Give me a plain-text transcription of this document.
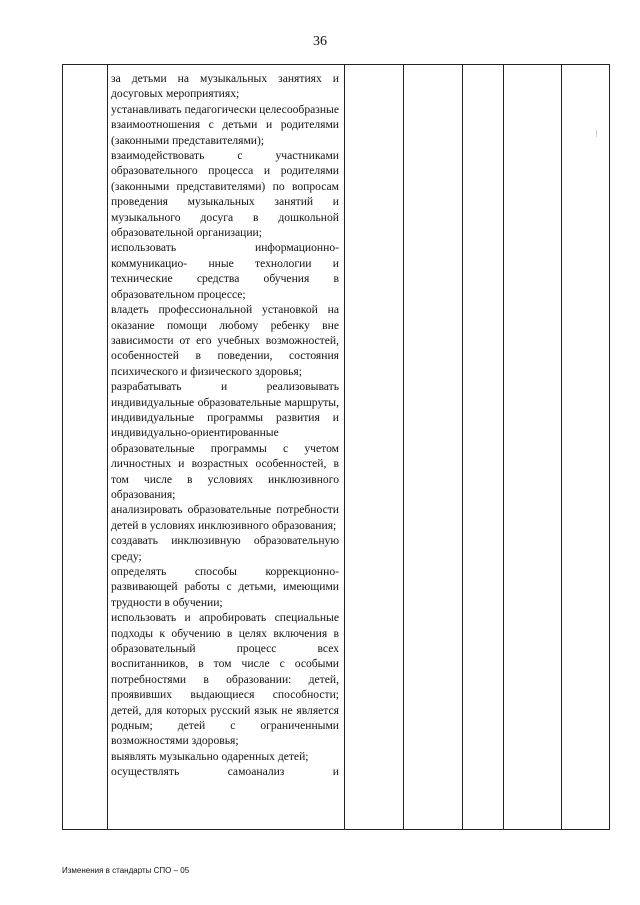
36

за детьми на музыкальных занятиях и досуговых мероприятиях;

устанавливать педагогически целесообразные взаимоотношения с детьми и родителями (законными представителями);

взаимодействовать с участниками образовательного процесса и родителями (законными представителями) по вопросам проведения музыкальных занятий и музыкального досуга в дошкольной образовательной организации;

использовать информационно-коммуникацио- нные технологии и технические средства обучения в образовательном процессе;

владеть профессиональной установкой на оказание помощи любому ребенку вне зависимости от его учебных возможностей, особенностей в поведении, состояния психического и физического здоровья;

разрабатывать и реализовывать индивидуальные образовательные маршруты, индивидуальные программы развития и индивидуально-ориентированные образовательные программы с учетом личностных и возрастных особенностей, в том числе в условиях инклюзивного образования;

анализировать образовательные потребности детей в условиях инклюзивного образования;

создавать инклюзивную образовательную среду;

определять способы коррекционно-развивающей работы с детьми, имеющими трудности в обучении;

использовать и апробировать специальные подходы к обучению в целях включения в образовательный процесс всех воспитанников, в том числе с особыми потребностями в образовании: детей, проявивших выдающиеся способности; детей, для которых русский язык не является родным; детей с ограниченными возможностями здоровья;

выявлять музыкально одаренных детей;

осуществлять самоанализ и

Изменения в стандарты СПО – 05
